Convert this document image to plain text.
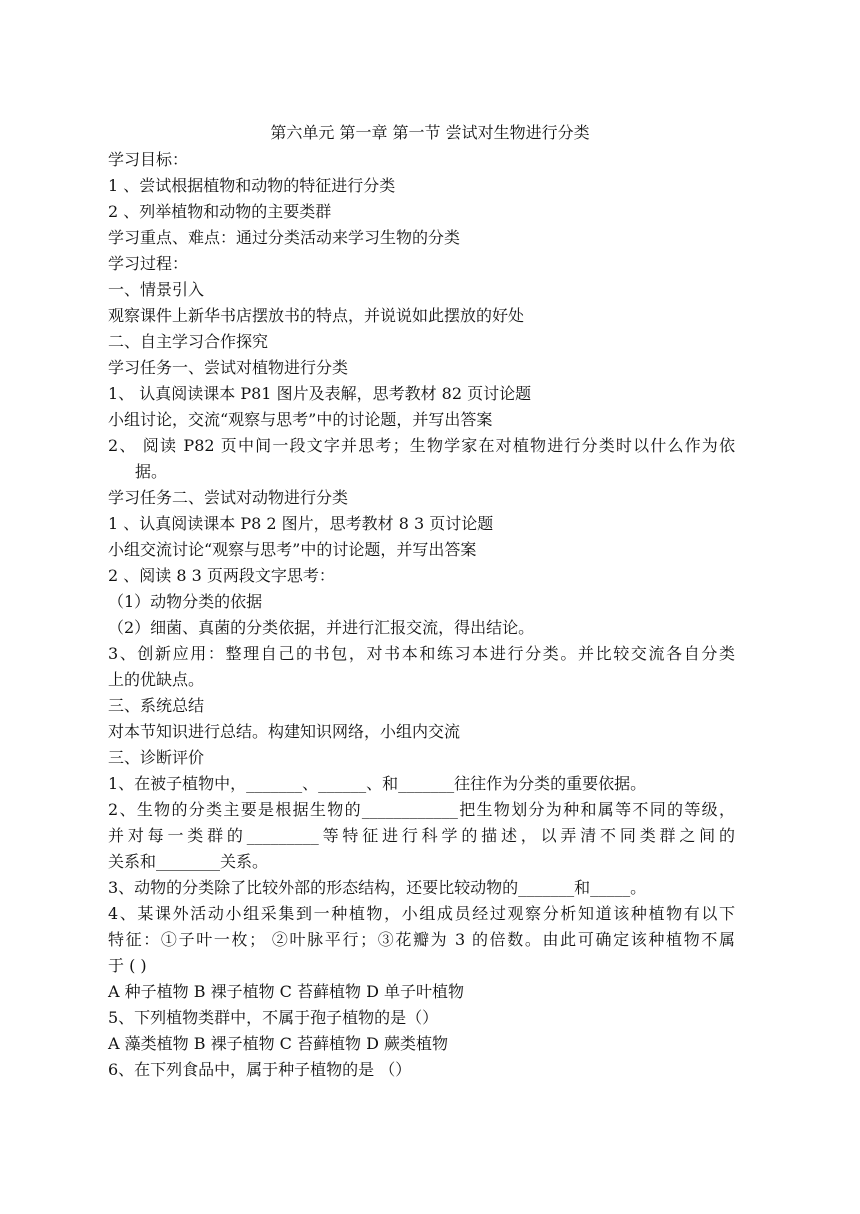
第六单元 第一章 第一节 尝试对生物进行分类
学习目标：
1 、尝试根据植物和动物的特征进行分类
2 、列举植物和动物的主要类群
学习重点、难点：通过分类活动来学习生物的分类
学习过程：
一、情景引入
观察课件上新华书店摆放书的特点，并说说如此摆放的好处
二、自主学习合作探究
学习任务一、尝试对植物进行分类
1、 认真阅读课本 P81 图片及表解，思考教材 82 页讨论题
小组讨论，交流“观察与思考”中的讨论题，并写出答案
2、 阅读 P82 页中间一段文字并思考；生物学家在对植物进行分类时以什么作为依
据。
学习任务二、尝试对动物进行分类
1 、认真阅读课本 P8 2 图片，思考教材 8 3 页讨论题
小组交流讨论“观察与思考”中的讨论题，并写出答案
2 、阅读 8 3 页两段文字思考：
（1）动物分类的依据
（2）细菌、真菌的分类依据，并进行汇报交流，得出结论。
3、创新应用：整理自己的书包，对书本和练习本进行分类。并比较交流各自分类
上的优缺点。
三、系统总结
对本节知识进行总结。构建知识网络，小组内交流
三、诊断评价
1、在被子植物中，_______、______、和_______往往作为分类的重要依据。
2、生物的分类主要是根据生物的____________把生物划分为种和属等不同的等级，
并对每一类群的_________等特征进行科学的描述，以弄清不同类群之间的
关系和________关系。
3、动物的分类除了比较外部的形态结构，还要比较动物的_______和_____。
4、某课外活动小组采集到一种植物，小组成员经过观察分析知道该种植物有以下
特征：①子叶一枚； ②叶脉平行；③花瓣为 3 的倍数。由此可确定该种植物不属
于 ( )
A 种子植物 B 裸子植物 C 苔藓植物 D 单子叶植物
5、下列植物类群中，不属于孢子植物的是（）
A 藻类植物 B 裸子植物 C 苔藓植物 D 蕨类植物
6、在下列食品中，属于种子植物的是 （）
